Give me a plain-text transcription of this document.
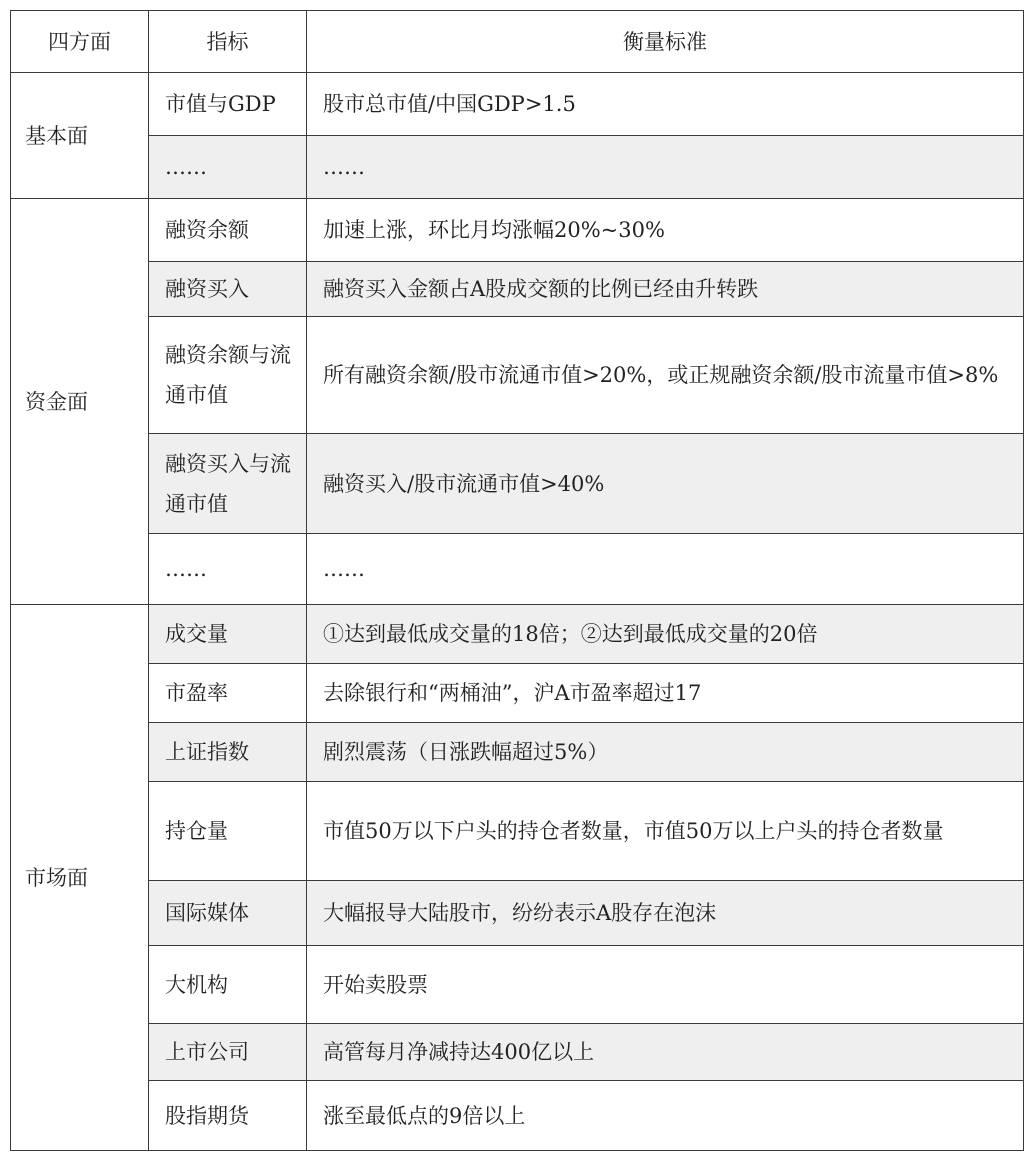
四方面	指标	衡量标准
基本面	市值与GDP	股市总市值/中国GDP>1.5
	……	……
资金面	融资余额	加速上涨，环比月均涨幅20%~30%
	融资买入	融资买入金额占A股成交额的比例已经由升转跌
	融资余额与流通市值	所有融资余额/股市流通市值>20%，或正规融资余额/股市流量市值>8%
	融资买入与流通市值	融资买入/股市流通市值>40%
	……	……
市场面	成交量	①达到最低成交量的18倍；②达到最低成交量的20倍
	市盈率	去除银行和“两桶油”，沪A市盈率超过17
	上证指数	剧烈震荡（日涨跌幅超过5%）
	持仓量	市值50万以下户头的持仓者数量，市值50万以上户头的持仓者数量
	国际媒体	大幅报导大陆股市，纷纷表示A股存在泡沫
	大机构	开始卖股票
	上市公司	高管每月净减持达400亿以上
	股指期货	涨至最低点的9倍以上
